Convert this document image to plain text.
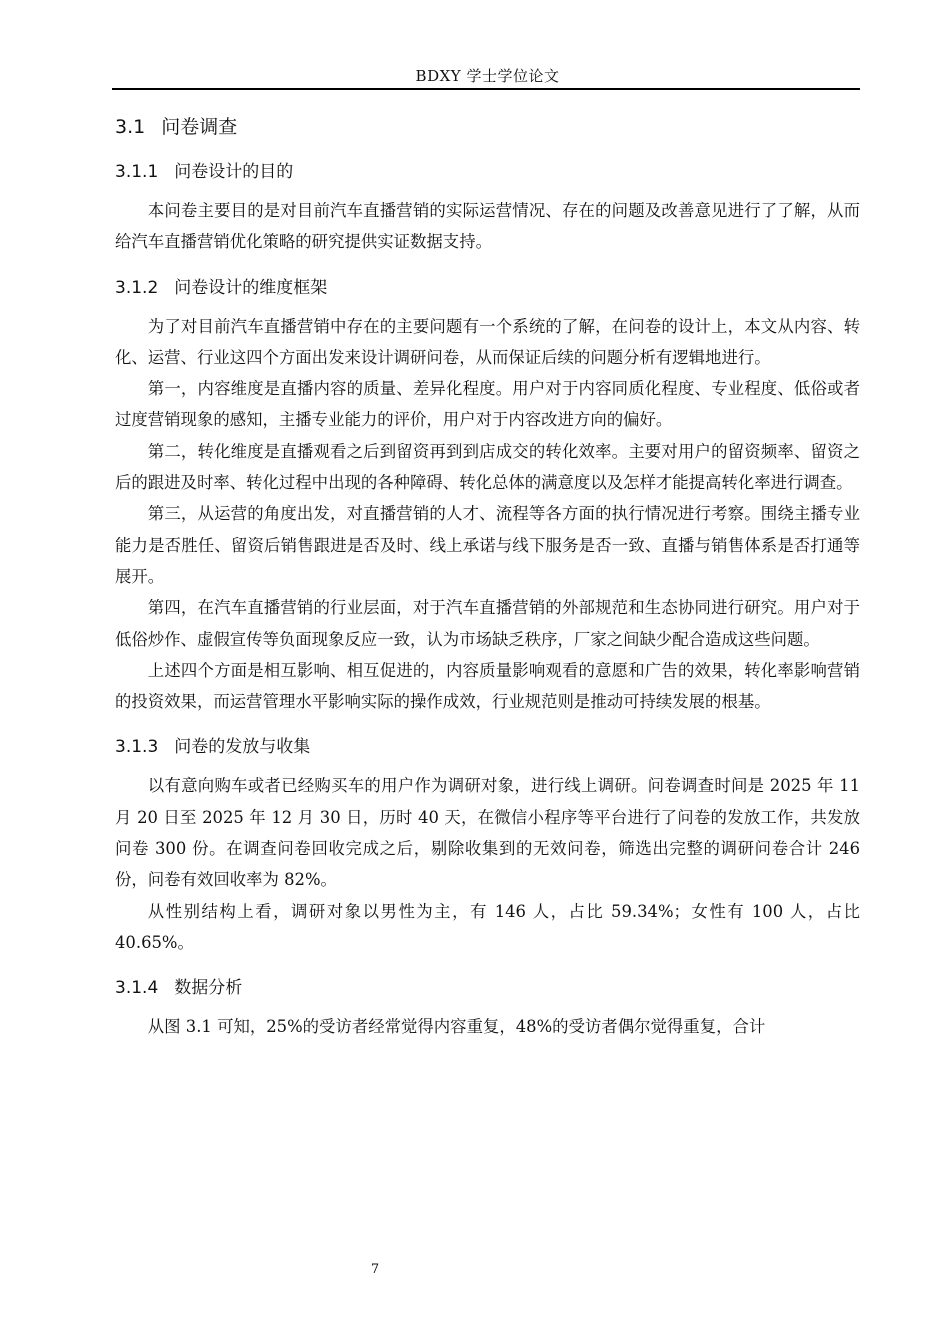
BDXY 学士学位论文
3.1 问卷调查
3.1.1 问卷设计的目的

本问卷主要目的是对目前汽车直播营销的实际运营情况、存在的问题及改善意见进行了了解，从而给汽车直播营销优化策略的研究提供实证数据支持。

3.1.2 问卷设计的维度框架

为了对目前汽车直播营销中存在的主要问题有一个系统的了解，在问卷的设计上，本文从内容、转化、运营、行业这四个方面出发来设计调研问卷，从而保证后续的问题分析有逻辑地进行。

第一，内容维度是直播内容的质量、差异化程度。用户对于内容同质化程度、专业程度、低俗或者过度营销现象的感知，主播专业能力的评价，用户对于内容改进方向的偏好。

第二，转化维度是直播观看之后到留资再到到店成交的转化效率。主要对用户的留资频率、留资之后的跟进及时率、转化过程中出现的各种障碍、转化总体的满意度以及怎样才能提高转化率进行调查。

第三，从运营的角度出发，对直播营销的人才、流程等各方面的执行情况进行考察。围绕主播专业能力是否胜任、留资后销售跟进是否及时、线上承诺与线下服务是否一致、直播与销售体系是否打通等展开。

第四，在汽车直播营销的行业层面，对于汽车直播营销的外部规范和生态协同进行研究。用户对于低俗炒作、虚假宣传等负面现象反应一致，认为市场缺乏秩序，厂家之间缺少配合造成这些问题。

上述四个方面是相互影响、相互促进的，内容质量影响观看的意愿和广告的效果，转化率影响营销的投资效果，而运营管理水平影响实际的操作成效，行业规范则是推动可持续发展的根基。

3.1.3 问卷的发放与收集

以有意向购车或者已经购买车的用户作为调研对象，进行线上调研。问卷调查时间是 2025 年 11 月 20 日至 2025 年 12 月 30 日，历时 40 天，在微信小程序等平台进行了问卷的发放工作，共发放问卷 300 份。在调查问卷回收完成之后，剔除收集到的无效问卷，筛选出完整的调研问卷合计 246 份，问卷有效回收率为 82%。

从性别结构上看，调研对象以男性为主，有 146 人，占比 59.34%；女性有 100 人，占比 40.65%。

3.1.4 数据分析

从图 3.1 可知，25%的受访者经常觉得内容重复，48%的受访者偶尔觉得重复，合计

7
